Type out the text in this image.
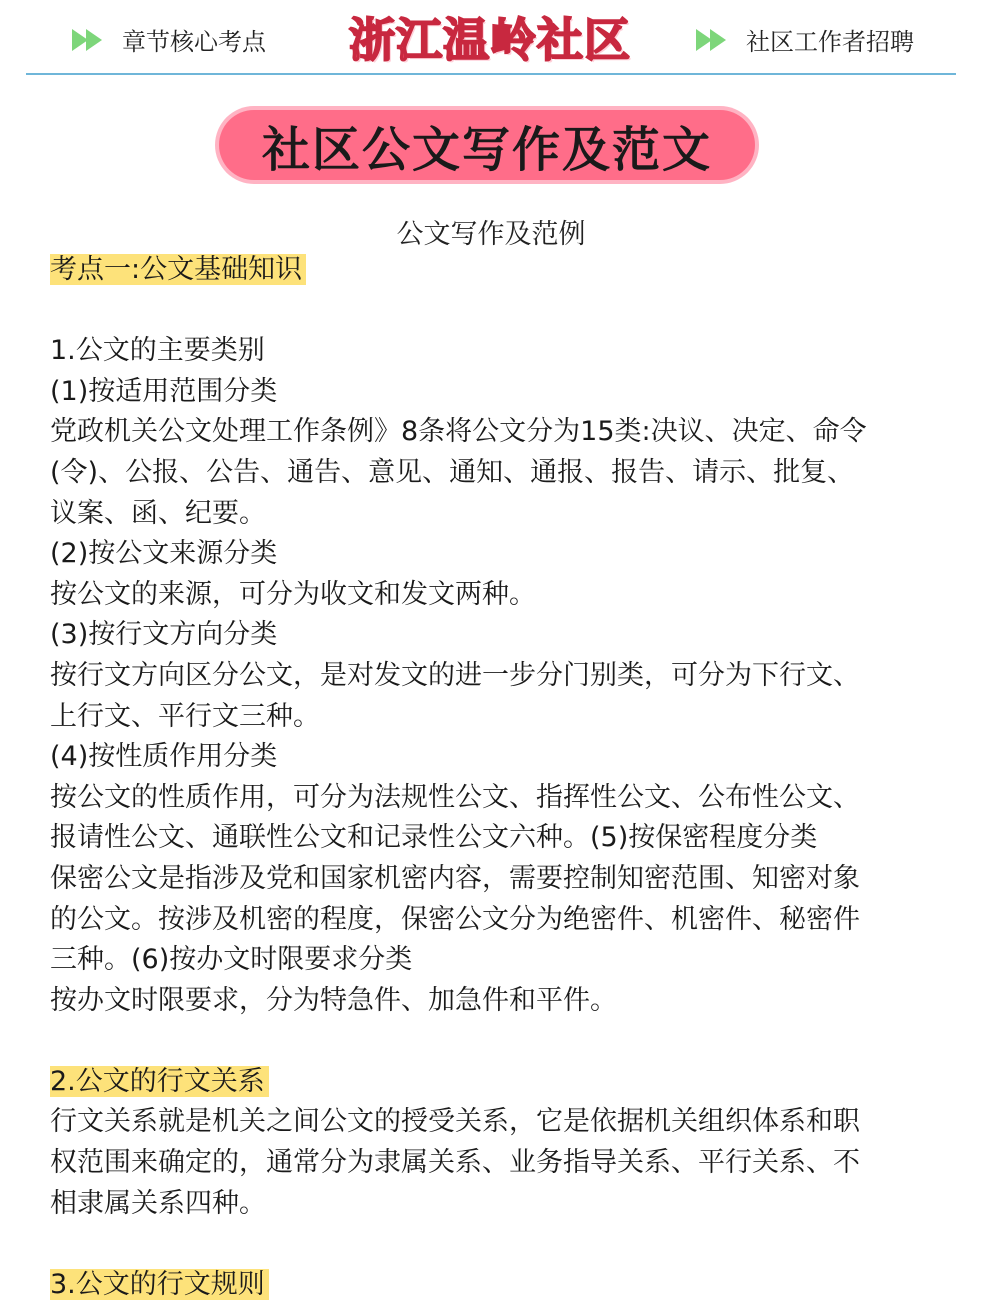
章节核心考点 浙江温岭社区	社区工作者招聘
社区公文写作及范文
公文写作及范例

考点一:公文基础知识

1.公文的主要类别

(1)按适用范围分类

党政机关公文处理工作条例》8条将公文分为15类:决议、决定、命令

(令)、公报、公告、通告、意见、通知、通报、报告、请示、批复、

议案、函、纪要。

(2)按公文来源分类

按公文的来源，可分为收文和发文两种。

(3)按行文方向分类

按行文方向区分公文，是对发文的进一步分门别类，可分为下行文、

上行文、平行文三种。

(4)按性质作用分类

按公文的性质作用，可分为法规性公文、指挥性公文、公布性公文、

报请性公文、通联性公文和记录性公文六种。(5)按保密程度分类

保密公文是指涉及党和国家机密内容，需要控制知密范围、知密对象

的公文。按涉及机密的程度，保密公文分为绝密件、机密件、秘密件

三种。(6)按办文时限要求分类

按办文时限要求，分为特急件、加急件和平件。

2.公文的行文关系

行文关系就是机关之间公文的授受关系，它是依据机关组织体系和职

权范围来确定的，通常分为隶属关系、业务指导关系、平行关系、不

相隶属关系四种。

3.公文的行文规则
